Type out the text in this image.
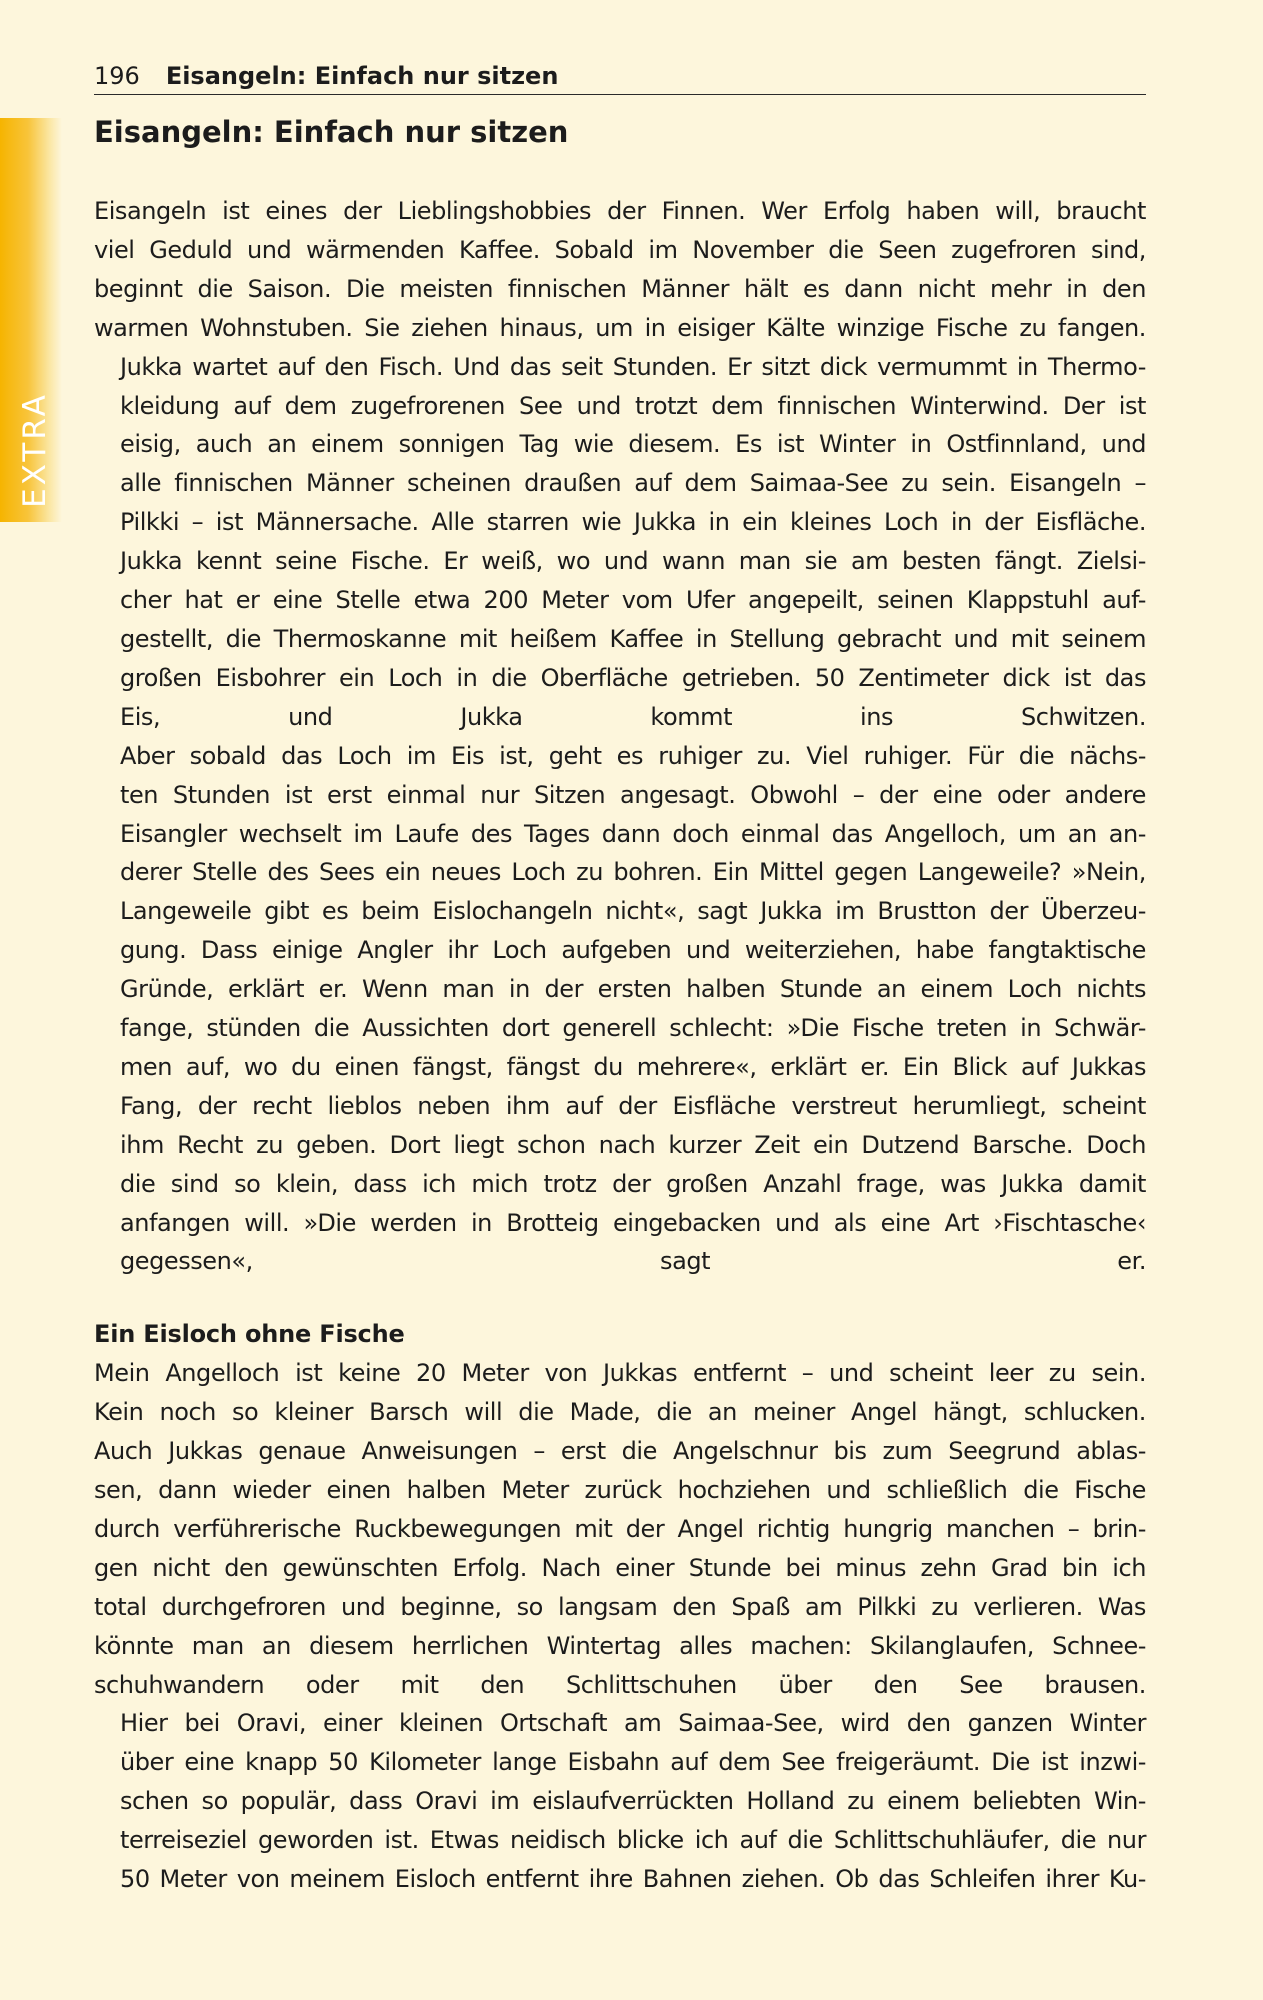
EXTRA
196 Eisangeln: Einfach nur sitzen
Eisangeln: Einfach nur sitzen

Eisangeln ist eines der Lieblingshobbies der Finnen. Wer Erfolg haben will, braucht
viel Geduld und wärmenden Kaffee. Sobald im November die Seen zugefroren sind,
beginnt die Saison. Die meisten finnischen Männer hält es dann nicht mehr in den
warmen Wohnstuben. Sie ziehen hinaus, um in eisiger Kälte winzige Fische zu fangen.

Jukka wartet auf den Fisch. Und das seit Stunden. Er sitzt dick vermummt in Thermo-
kleidung auf dem zugefrorenen See und trotzt dem finnischen Winterwind. Der ist
eisig, auch an einem sonnigen Tag wie diesem. Es ist Winter in Ostfinnland, und
alle finnischen Männer scheinen draußen auf dem Saimaa-See zu sein. Eisangeln –
Pilkki – ist Männersache. Alle starren wie Jukka in ein kleines Loch in der Eisfläche.

Jukka kennt seine Fische. Er weiß, wo und wann man sie am besten fängt. Zielsi-
cher hat er eine Stelle etwa 200 Meter vom Ufer angepeilt, seinen Klappstuhl auf-
gestellt, die Thermoskanne mit heißem Kaffee in Stellung gebracht und mit seinem
großen Eisbohrer ein Loch in die Oberfläche getrieben. 50 Zentimeter dick ist das
Eis, und Jukka kommt ins Schwitzen.

Aber sobald das Loch im Eis ist, geht es ruhiger zu. Viel ruhiger. Für die nächs-
ten Stunden ist erst einmal nur Sitzen angesagt. Obwohl – der eine oder andere
Eisangler wechselt im Laufe des Tages dann doch einmal das Angelloch, um an an-
derer Stelle des Sees ein neues Loch zu bohren. Ein Mittel gegen Langeweile? »Nein,
Langeweile gibt es beim Eislochangeln nicht«, sagt Jukka im Brustton der Überzeu-
gung. Dass einige Angler ihr Loch aufgeben und weiterziehen, habe fangtaktische
Gründe, erklärt er. Wenn man in der ersten halben Stunde an einem Loch nichts
fange, stünden die Aussichten dort generell schlecht: »Die Fische treten in Schwär-
men auf, wo du einen fängst, fängst du mehrere«, erklärt er. Ein Blick auf Jukkas
Fang, der recht lieblos neben ihm auf der Eisfläche verstreut herumliegt, scheint
ihm Recht zu geben. Dort liegt schon nach kurzer Zeit ein Dutzend Barsche. Doch
die sind so klein, dass ich mich trotz der großen Anzahl frage, was Jukka damit
anfangen will. »Die werden in Brotteig eingebacken und als eine Art ›Fischtasche‹
gegessen«, sagt er.

Ein Eisloch ohne Fische

Mein Angelloch ist keine 20 Meter von Jukkas entfernt – und scheint leer zu sein.
Kein noch so kleiner Barsch will die Made, die an meiner Angel hängt, schlucken.
Auch Jukkas genaue Anweisungen – erst die Angelschnur bis zum Seegrund ablas-
sen, dann wieder einen halben Meter zurück hochziehen und schließlich die Fische
durch verführerische Ruckbewegungen mit der Angel richtig hungrig manchen – brin-
gen nicht den gewünschten Erfolg. Nach einer Stunde bei minus zehn Grad bin ich
total durchgefroren und beginne, so langsam den Spaß am Pilkki zu verlieren. Was
könnte man an diesem herrlichen Wintertag alles machen: Skilanglaufen, Schnee-
schuhwandern oder mit den Schlittschuhen über den See brausen.

Hier bei Oravi, einer kleinen Ortschaft am Saimaa-See, wird den ganzen Winter
über eine knapp 50 Kilometer lange Eisbahn auf dem See freigeräumt. Die ist inzwi-
schen so populär, dass Oravi im eislaufverrückten Holland zu einem beliebten Win-
terreiseziel geworden ist. Etwas neidisch blicke ich auf die Schlittschuhläufer, die nur
50 Meter von meinem Eisloch entfernt ihre Bahnen ziehen. Ob das Schleifen ihrer Ku-
